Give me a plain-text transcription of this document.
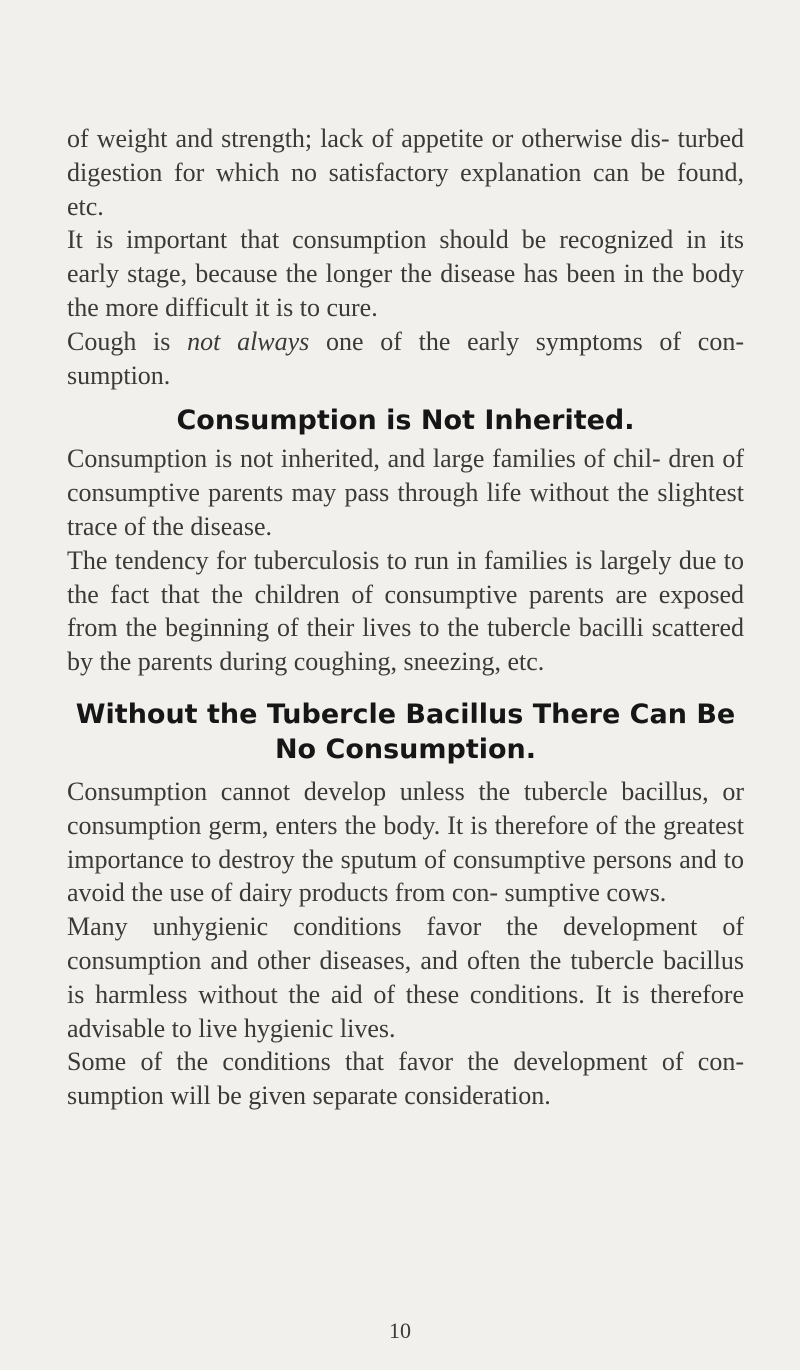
of weight and strength; lack of appetite or otherwise dis- turbed digestion for which no satisfactory explanation can be found, etc.

It is important that consumption should be recognized in its early stage, because the longer the disease has been in the body the more difficult it is to cure.

Cough is not always one of the early symptoms of con- sumption.

Consumption is Not Inherited.

Consumption is not inherited, and large families of chil- dren of consumptive parents may pass through life without the slightest trace of the disease.

The tendency for tuberculosis to run in families is largely due to the fact that the children of consumptive parents are exposed from the beginning of their lives to the tubercle bacilli scattered by the parents during coughing, sneezing, etc.

Without the Tubercle Bacillus There Can Be No Consumption.

Consumption cannot develop unless the tubercle bacillus, or consumption germ, enters the body. It is therefore of the greatest importance to destroy the sputum of consumptive persons and to avoid the use of dairy products from con- sumptive cows.

Many unhygienic conditions favor the development of consumption and other diseases, and often the tubercle bacillus is harmless without the aid of these conditions. It is therefore advisable to live hygienic lives.

Some of the conditions that favor the development of con- sumption will be given separate consideration.

10
